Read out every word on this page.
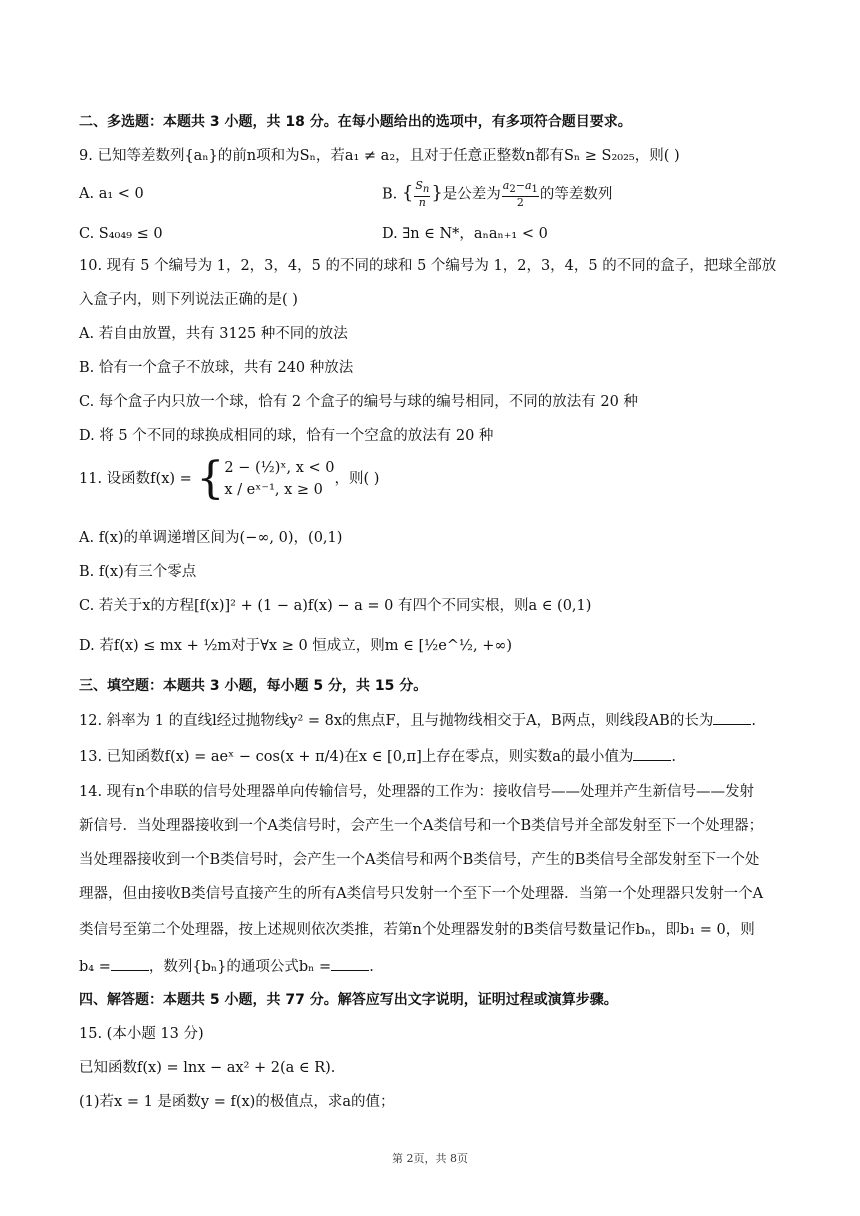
二、多选题：本题共 3 小题，共 18 分。在每小题给出的选项中，有多项符合题目要求。
9. 已知等差数列{aₙ}的前n项和为Sₙ，若a₁ ≠ a₂，且对于任意正整数n都有Sₙ ≥ S₂₀₂₅，则( )
A. a₁ < 0	B. { $\frac{S_n}{n}$ }是公差为 $\frac{a_2-a_1}{2}$ 的等差数列
C. S₄₀₄₉ ≤ 0	D. ∃n ∈ N*，aₙaₙ₊₁ < 0
10. 现有 5 个编号为 1，2，3，4，5 的不同的球和 5 个编号为 1，2，3，4，5 的不同的盒子，把球全部放
入盒子内，则下列说法正确的是( )
A. 若自由放置，共有 3125 种不同的放法
B. 恰有一个盒子不放球，共有 240 种放法
C. 每个盒子内只放一个球，恰有 2 个盒子的编号与球的编号相同，不同的放法有 20 种
D. 将 5 个不同的球换成相同的球，恰有一个空盒的放法有 20 种
11. 设函数f(x) = { 2 − (½)ˣ, x < 0
x / eˣ⁻¹, x ≥ 0
，则( )
A. f(x)的单调递增区间为(−∞, 0)，(0,1)
B. f(x)有三个零点
C. 若关于x的方程[f(x)]² + (1 − a)f(x) − a = 0 有四个不同实根，则a ∈ (0,1)
D. 若f(x) ≤ mx + ½m对于∀x ≥ 0 恒成立，则m ∈ [½e^½, +∞)
三、填空题：本题共 3 小题，每小题 5 分，共 15 分。
12. 斜率为 1 的直线l经过抛物线y² = 8x的焦点F，且与抛物线相交于A，B两点，则线段AB的长为	.
13. 已知函数f(x) = aeˣ − cos(x + π/4)在x ∈ [0,π]上存在零点，则实数a的最小值为	.
14. 现有n个串联的信号处理器单向传输信号，处理器的工作为：接收信号——处理并产生新信号——发射
新信号．当处理器接收到一个A类信号时，会产生一个A类信号和一个B类信号并全部发射至下一个处理器；
当处理器接收到一个B类信号时，会产生一个A类信号和两个B类信号，产生的B类信号全部发射至下一个处
理器，但由接收B类信号直接产生的所有A类信号只发射一个至下一个处理器．当第一个处理器只发射一个A
类信号至第二个处理器，按上述规则依次类推，若第n个处理器发射的B类信号数量记作bₙ，即b₁ = 0，则
b₄ =	，数列{bₙ}的通项公式bₙ =	.
四、解答题：本题共 5 小题，共 77 分。解答应写出文字说明，证明过程或演算步骤。
15. (本小题 13 分)
已知函数f(x) = lnx − ax² + 2(a ∈ R).
(1)若x = 1 是函数y = f(x)的极值点，求a的值；
第 2页，共 8页
